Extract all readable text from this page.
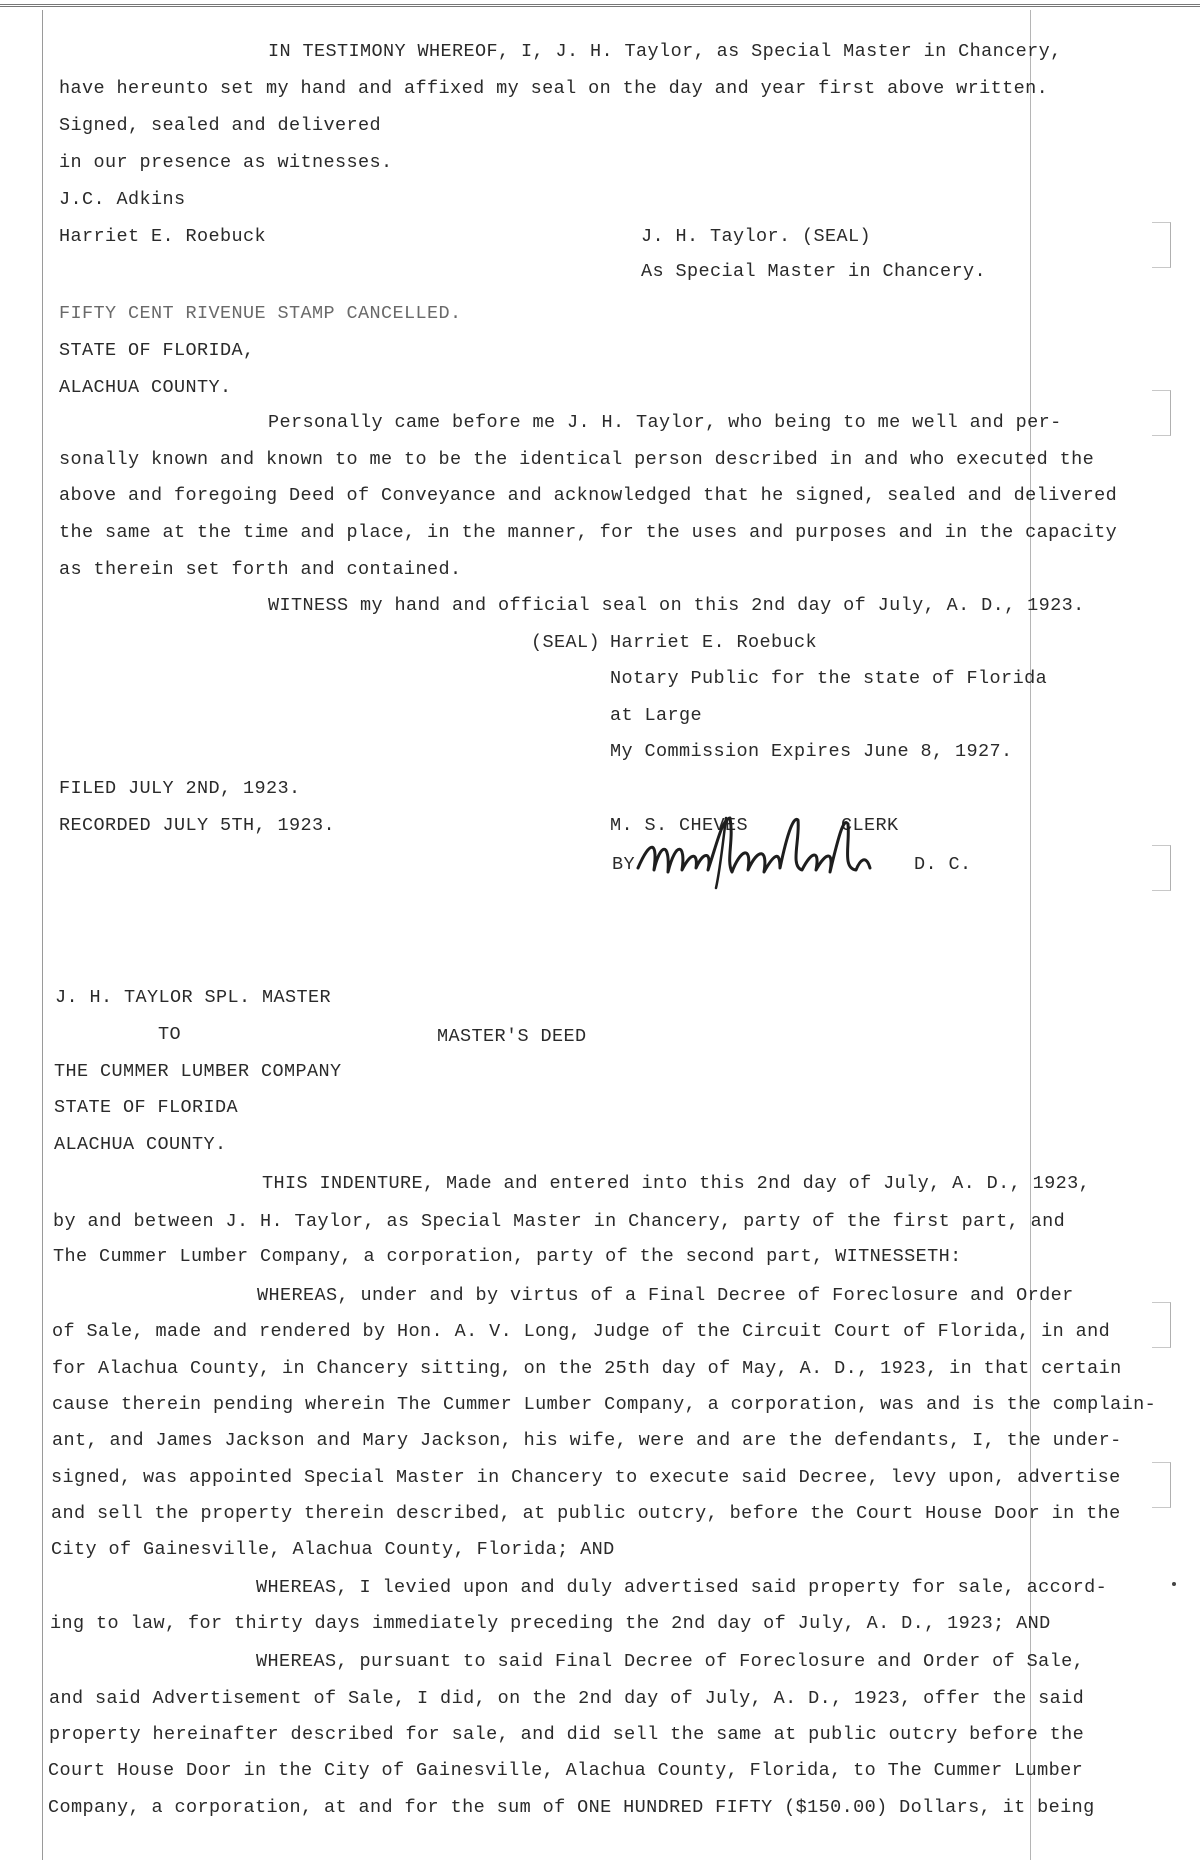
IN TESTIMONY WHEREOF, I, J. H. Taylor, as Special Master in Chancery,
have hereunto set my hand and affixed my seal on the day and year first above written.
Signed, sealed and delivered
in our presence as witnesses.
J.C. Adkins
Harriet E. Roebuck	J. H. Taylor. (SEAL)
As Special Master in Chancery.
FIFTY CENT RIVENUE STAMP CANCELLED.
STATE OF FLORIDA,
ALACHUA COUNTY.
Personally came before me J. H. Taylor, who being to me well and per-
sonally known and known to me to be the identical person described in and who executed the
above and foregoing Deed of Conveyance and acknowledged that he signed, sealed and delivered
the same at the time and place, in the manner, for the uses and purposes and in the capacity
as therein set forth and contained.
WITNESS my hand and official seal on this 2nd day of July, A. D., 1923.
(SEAL) Harriet E. Roebuck
Notary Public for the state of Florida
at Large
My Commission Expires June 8, 1927.
FILED JULY 2ND, 1923.
RECORDED JULY 5TH, 1923.	M. S. CHEVES	CLERK
BY	D. C.
J. H. TAYLOR SPL. MASTER
TO	MASTER'S DEED
THE CUMMER LUMBER COMPANY
STATE OF FLORIDA
ALACHUA COUNTY.
THIS INDENTURE, Made and entered into this 2nd day of July, A. D., 1923,
by and between J. H. Taylor, as Special Master in Chancery, party of the first part, and
The Cummer Lumber Company, a corporation, party of the second part, WITNESSETH:
WHEREAS, under and by virtus of a Final Decree of Foreclosure and Order
of Sale, made and rendered by Hon. A. V. Long, Judge of the Circuit Court of Florida, in and
for Alachua County, in Chancery sitting, on the 25th day of May, A. D., 1923, in that certain
cause therein pending wherein The Cummer Lumber Company, a corporation, was and is the complain-
ant, and James Jackson and Mary Jackson, his wife, were and are the defendants, I, the under-
signed, was appointed Special Master in Chancery to execute said Decree, levy upon, advertise
and sell the property therein described, at public outcry, before the Court House Door in the
City of Gainesville, Alachua County, Florida; AND
WHEREAS, I levied upon and duly advertised said property for sale, accord-
ing to law, for thirty days immediately preceding the 2nd day of July, A. D., 1923; AND
WHEREAS, pursuant to said Final Decree of Foreclosure and Order of Sale,
and said Advertisement of Sale, I did, on the 2nd day of July, A. D., 1923, offer the said
property hereinafter described for sale, and did sell the same at public outcry before the
Court House Door in the City of Gainesville, Alachua County, Florida, to The Cummer Lumber
Company, a corporation, at and for the sum of ONE HUNDRED FIFTY ($150.00) Dollars, it being
